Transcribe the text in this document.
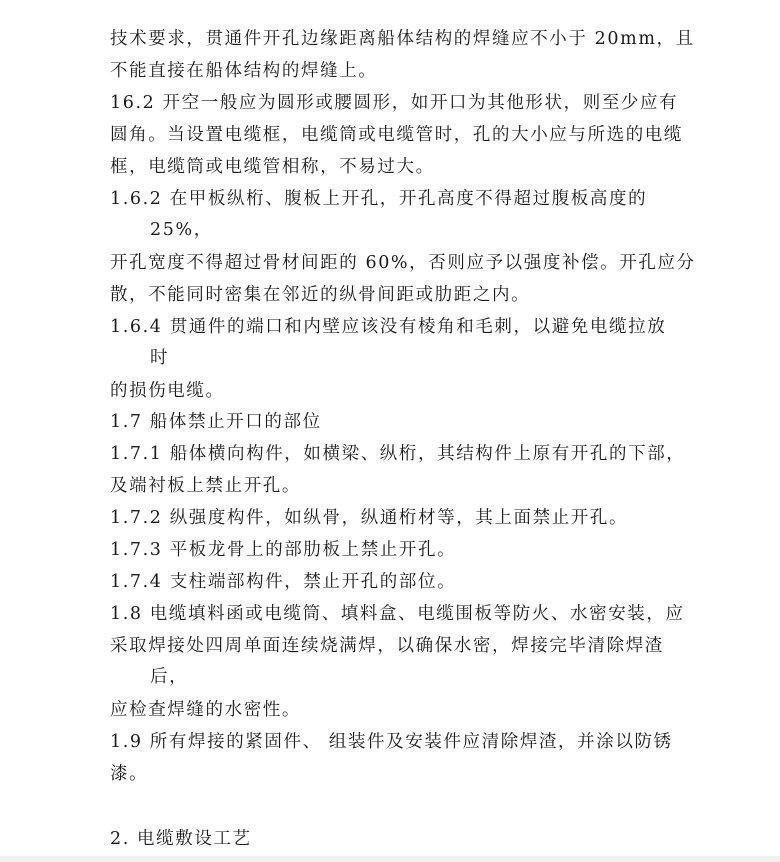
技术要求，贯通件开孔边缘距离船体结构的焊缝应不小于 20mm，且
不能直接在船体结构的焊缝上。
16.2 开空一般应为圆形或腰圆形，如开口为其他形状，则至少应有
圆角。当设置电缆框，电缆筒或电缆管时，孔的大小应与所选的电缆
框，电缆筒或电缆管相称，不易过大。
1.6.2 在甲板纵桁、腹板上开孔，开孔高度不得超过腹板高度的
25%，
开孔宽度不得超过骨材间距的 60%，否则应予以强度补偿。开孔应分
散，不能同时密集在邻近的纵骨间距或肋距之内。
1.6.4 贯通件的端口和内壁应该没有棱角和毛刺，以避免电缆拉放
时
的损伤电缆。
1.7 船体禁止开口的部位
1.7.1 船体横向构件，如横梁、纵桁，其结构件上原有开孔的下部，
及端衬板上禁止开孔。
1.7.2 纵强度构件，如纵骨，纵通桁材等，其上面禁止开孔。
1.7.3 平板龙骨上的部肋板上禁止开孔。
1.7.4 支柱端部构件，禁止开孔的部位。
1.8 电缆填料函或电缆筒、填料盒、电缆围板等防火、水密安装，应
采取焊接处四周单面连续烧满焊，以确保水密，焊接完毕清除焊渣
后，
应检查焊缝的水密性。
1.9 所有焊接的紧固件、 组装件及安装件应清除焊渣，并涂以防锈
漆。
2. 电缆敷设工艺
